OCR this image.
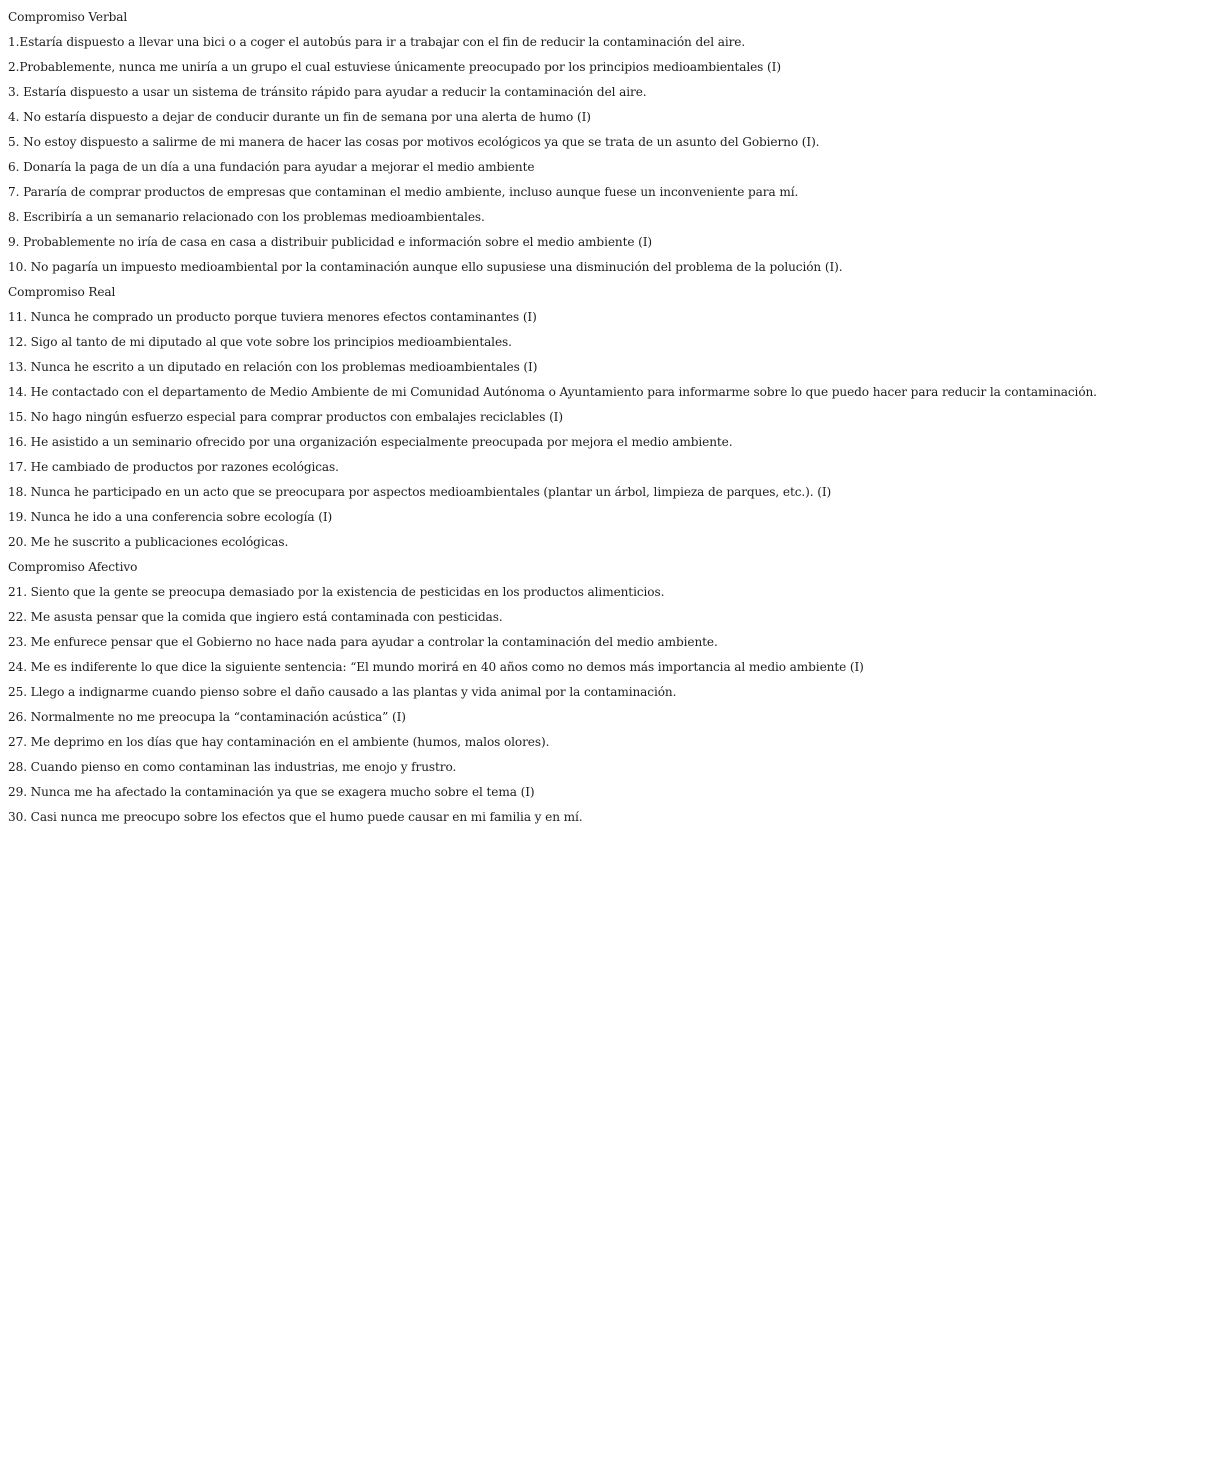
Compromiso Verbal
1.Estaría dispuesto a llevar una bici o a coger el autobús para ir a trabajar con el fin de reducir la contaminación del aire.
2.Probablemente, nunca me uniría a un grupo el cual estuviese únicamente preocupado por los principios medioambientales (I)
3. Estaría dispuesto a usar un sistema de tránsito rápido para ayudar a reducir la contaminación del aire.
4. No estaría dispuesto a dejar de conducir durante un fin de semana por una alerta de humo (I)
5. No estoy dispuesto a salirme de mi manera de hacer las cosas por motivos ecológicos ya que se trata de un asunto del Gobierno (I).
6. Donaría la paga de un día a una fundación para ayudar a mejorar el medio ambiente
7. Pararía de comprar productos de empresas que contaminan el medio ambiente, incluso aunque fuese un inconveniente para mí.
8. Escribiría a un semanario relacionado con los problemas medioambientales.
9. Probablemente no iría de casa en casa a distribuir publicidad e información sobre el medio ambiente (I)
10. No pagaría un impuesto medioambiental por la contaminación aunque ello supusiese una disminución del problema de la polución (I).
Compromiso Real
11. Nunca he comprado un producto porque tuviera menores efectos contaminantes (I)
12. Sigo al tanto de mi diputado al que vote sobre los principios medioambientales.
13. Nunca he escrito a un diputado en relación con los problemas medioambientales (I)
14. He contactado con el departamento de Medio Ambiente de mi Comunidad Autónoma o Ayuntamiento para informarme sobre lo que puedo hacer para reducir la contaminación.
15. No hago ningún esfuerzo especial para comprar productos con embalajes reciclables (I)
16. He asistido a un seminario ofrecido por una organización especialmente preocupada por mejora el medio ambiente.
17. He cambiado de productos por razones ecológicas.
18. Nunca he participado en un acto que se preocupara por aspectos medioambientales (plantar un árbol, limpieza de parques, etc.). (I)
19. Nunca he ido a una conferencia sobre ecología (I)
20. Me he suscrito a publicaciones ecológicas.
Compromiso Afectivo
21. Siento que la gente se preocupa demasiado por la existencia de pesticidas en los productos alimenticios.
22. Me asusta pensar que la comida que ingiero está contaminada con pesticidas.
23. Me enfurece pensar que el Gobierno no hace nada para ayudar a controlar la contaminación del medio ambiente.
24. Me es indiferente lo que dice la siguiente sentencia: “El mundo morirá en 40 años como no demos más importancia al medio ambiente (I)
25. Llego a indignarme cuando pienso sobre el daño causado a las plantas y vida animal por la contaminación.
26. Normalmente no me preocupa la “contaminación acústica” (I)
27. Me deprimo en los días que hay contaminación en el ambiente (humos, malos olores).
28. Cuando pienso en como contaminan las industrias, me enojo y frustro.
29. Nunca me ha afectado la contaminación ya que se exagera mucho sobre el tema (I)
30. Casi nunca me preocupo sobre los efectos que el humo puede causar en mi familia y en mí.
